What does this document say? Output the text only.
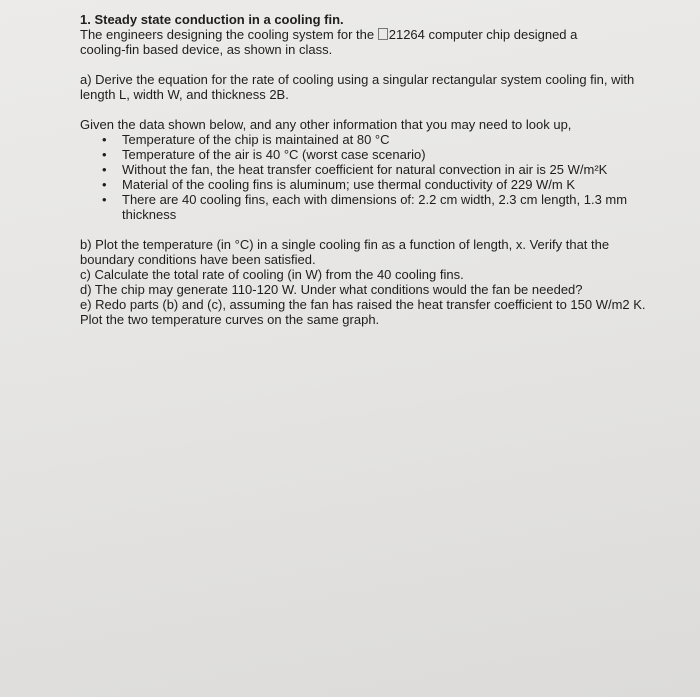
1. Steady state conduction in a cooling fin.

The engineers designing the cooling system for the 21264 computer chip designed a cooling-fin based device, as shown in class.

a) Derive the equation for the rate of cooling using a singular rectangular system cooling fin, with length L, width W, and thickness 2B.

Given the data shown below, and any other information that you may need to look up,

• Temperature of the chip is maintained at 80 °C
• Temperature of the air is 40 °C (worst case scenario)
• Without the fan, the heat transfer coefficient for natural convection in air is 25 W/m²K
• Material of the cooling fins is aluminum; use thermal conductivity of 229 W/m K
• There are 40 cooling fins, each with dimensions of: 2.2 cm width, 2.3 cm length, 1.3 mm thickness

b) Plot the temperature (in °C) in a single cooling fin as a function of length, x. Verify that the boundary conditions have been satisfied.

c) Calculate the total rate of cooling (in W) from the 40 cooling fins.

d) The chip may generate 110-120 W. Under what conditions would the fan be needed?

e) Redo parts (b) and (c), assuming the fan has raised the heat transfer coefficient to 150 W/m2 K. Plot the two temperature curves on the same graph.
